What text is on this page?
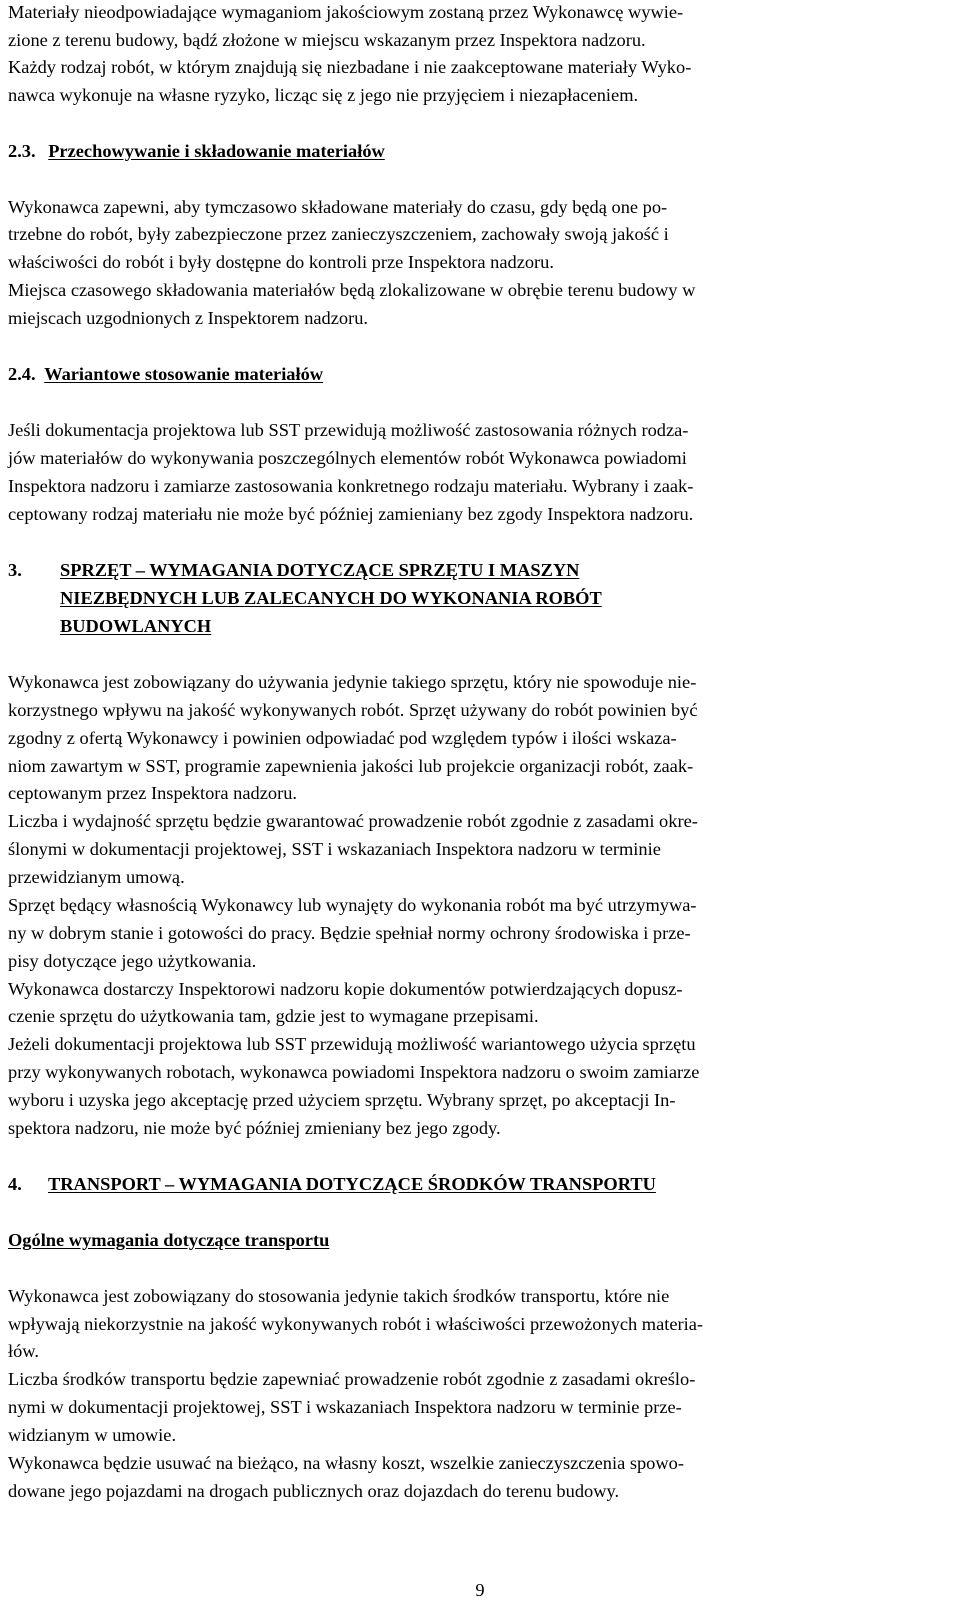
Materiały nieodpowiadające wymaganiom jakościowym zostaną przez Wykonawcę wywie-
zione z terenu budowy, bądź złożone w miejscu wskazanym przez Inspektora nadzoru.
Każdy rodzaj robót, w którym znajdują się niezbadane i nie zaakceptowane materiały Wyko-
nawca wykonuje na własne ryzyko, licząc się z jego nie przyjęciem i niezapłaceniem.
2.3. Przechowywanie i składowanie materiałów
Wykonawca zapewni, aby tymczasowo składowane materiały do czasu, gdy będą one po-
trzebne do robót, były zabezpieczone przez zanieczyszczeniem, zachowały swoją jakość i
właściwości do robót i były dostępne do kontroli prze Inspektora nadzoru.
Miejsca czasowego składowania materiałów będą zlokalizowane w obrębie terenu budowy w
miejscach uzgodnionych z Inspektorem nadzoru.
2.4. Wariantowe stosowanie materiałów
Jeśli dokumentacja projektowa lub SST przewidują możliwość zastosowania różnych rodza-
jów materiałów do wykonywania poszczególnych elementów robót Wykonawca powiadomi
Inspektora nadzoru i zamiarze zastosowania konkretnego rodzaju materiału. Wybrany i zaak-
ceptowany rodzaj materiału nie może być później zamieniany bez zgody Inspektora nadzoru.
3. SPRZĘT – WYMAGANIA DOTYCZĄCE SPRZĘTU I MASZYN
NIEZBĘDNYCH LUB ZALECANYCH DO WYKONANIA ROBÓT
BUDOWLANYCH
Wykonawca jest zobowiązany do używania jedynie takiego sprzętu, który nie spowoduje nie-
korzystnego wpływu na jakość wykonywanych robót. Sprzęt używany do robót powinien być
zgodny z ofertą Wykonawcy i powinien odpowiadać pod względem typów i ilości wskaza-
niom zawartym w SST, programie zapewnienia jakości lub projekcie organizacji robót, zaak-
ceptowanym przez Inspektora nadzoru.
Liczba i wydajność sprzętu będzie gwarantować prowadzenie robót zgodnie z zasadami okre-
ślonymi w dokumentacji projektowej, SST i wskazaniach Inspektora nadzoru w terminie
przewidzianym umową.
Sprzęt będący własnością Wykonawcy lub wynajęty do wykonania robót ma być utrzymywa-
ny w dobrym stanie i gotowości do pracy. Będzie spełniał normy ochrony środowiska i prze-
pisy dotyczące jego użytkowania.
Wykonawca dostarczy Inspektorowi nadzoru kopie dokumentów potwierdzających dopusz-
czenie sprzętu do użytkowania tam, gdzie jest to wymagane przepisami.
Jeżeli dokumentacji projektowa lub SST przewidują możliwość wariantowego użycia sprzętu
przy wykonywanych robotach, wykonawca powiadomi Inspektora nadzoru o swoim zamiarze
wyboru i uzyska jego akceptację przed użyciem sprzętu. Wybrany sprzęt, po akceptacji In-
spektora nadzoru, nie może być później zmieniany bez jego zgody.
4. TRANSPORT – WYMAGANIA DOTYCZĄCE ŚRODKÓW TRANSPORTU
Ogólne wymagania dotyczące transportu
Wykonawca jest zobowiązany do stosowania jedynie takich środków transportu, które nie
wpływają niekorzystnie na jakość wykonywanych robót i właściwości przewożonych materia-
łów.
Liczba środków transportu będzie zapewniać prowadzenie robót zgodnie z zasadami określo-
nymi w dokumentacji projektowej, SST i wskazaniach Inspektora nadzoru w terminie prze-
widzianym w umowie.
Wykonawca będzie usuwać na bieżąco, na własny koszt, wszelkie zanieczyszczenia spowo-
dowane jego pojazdami na drogach publicznych oraz dojazdach do terenu budowy.
9
